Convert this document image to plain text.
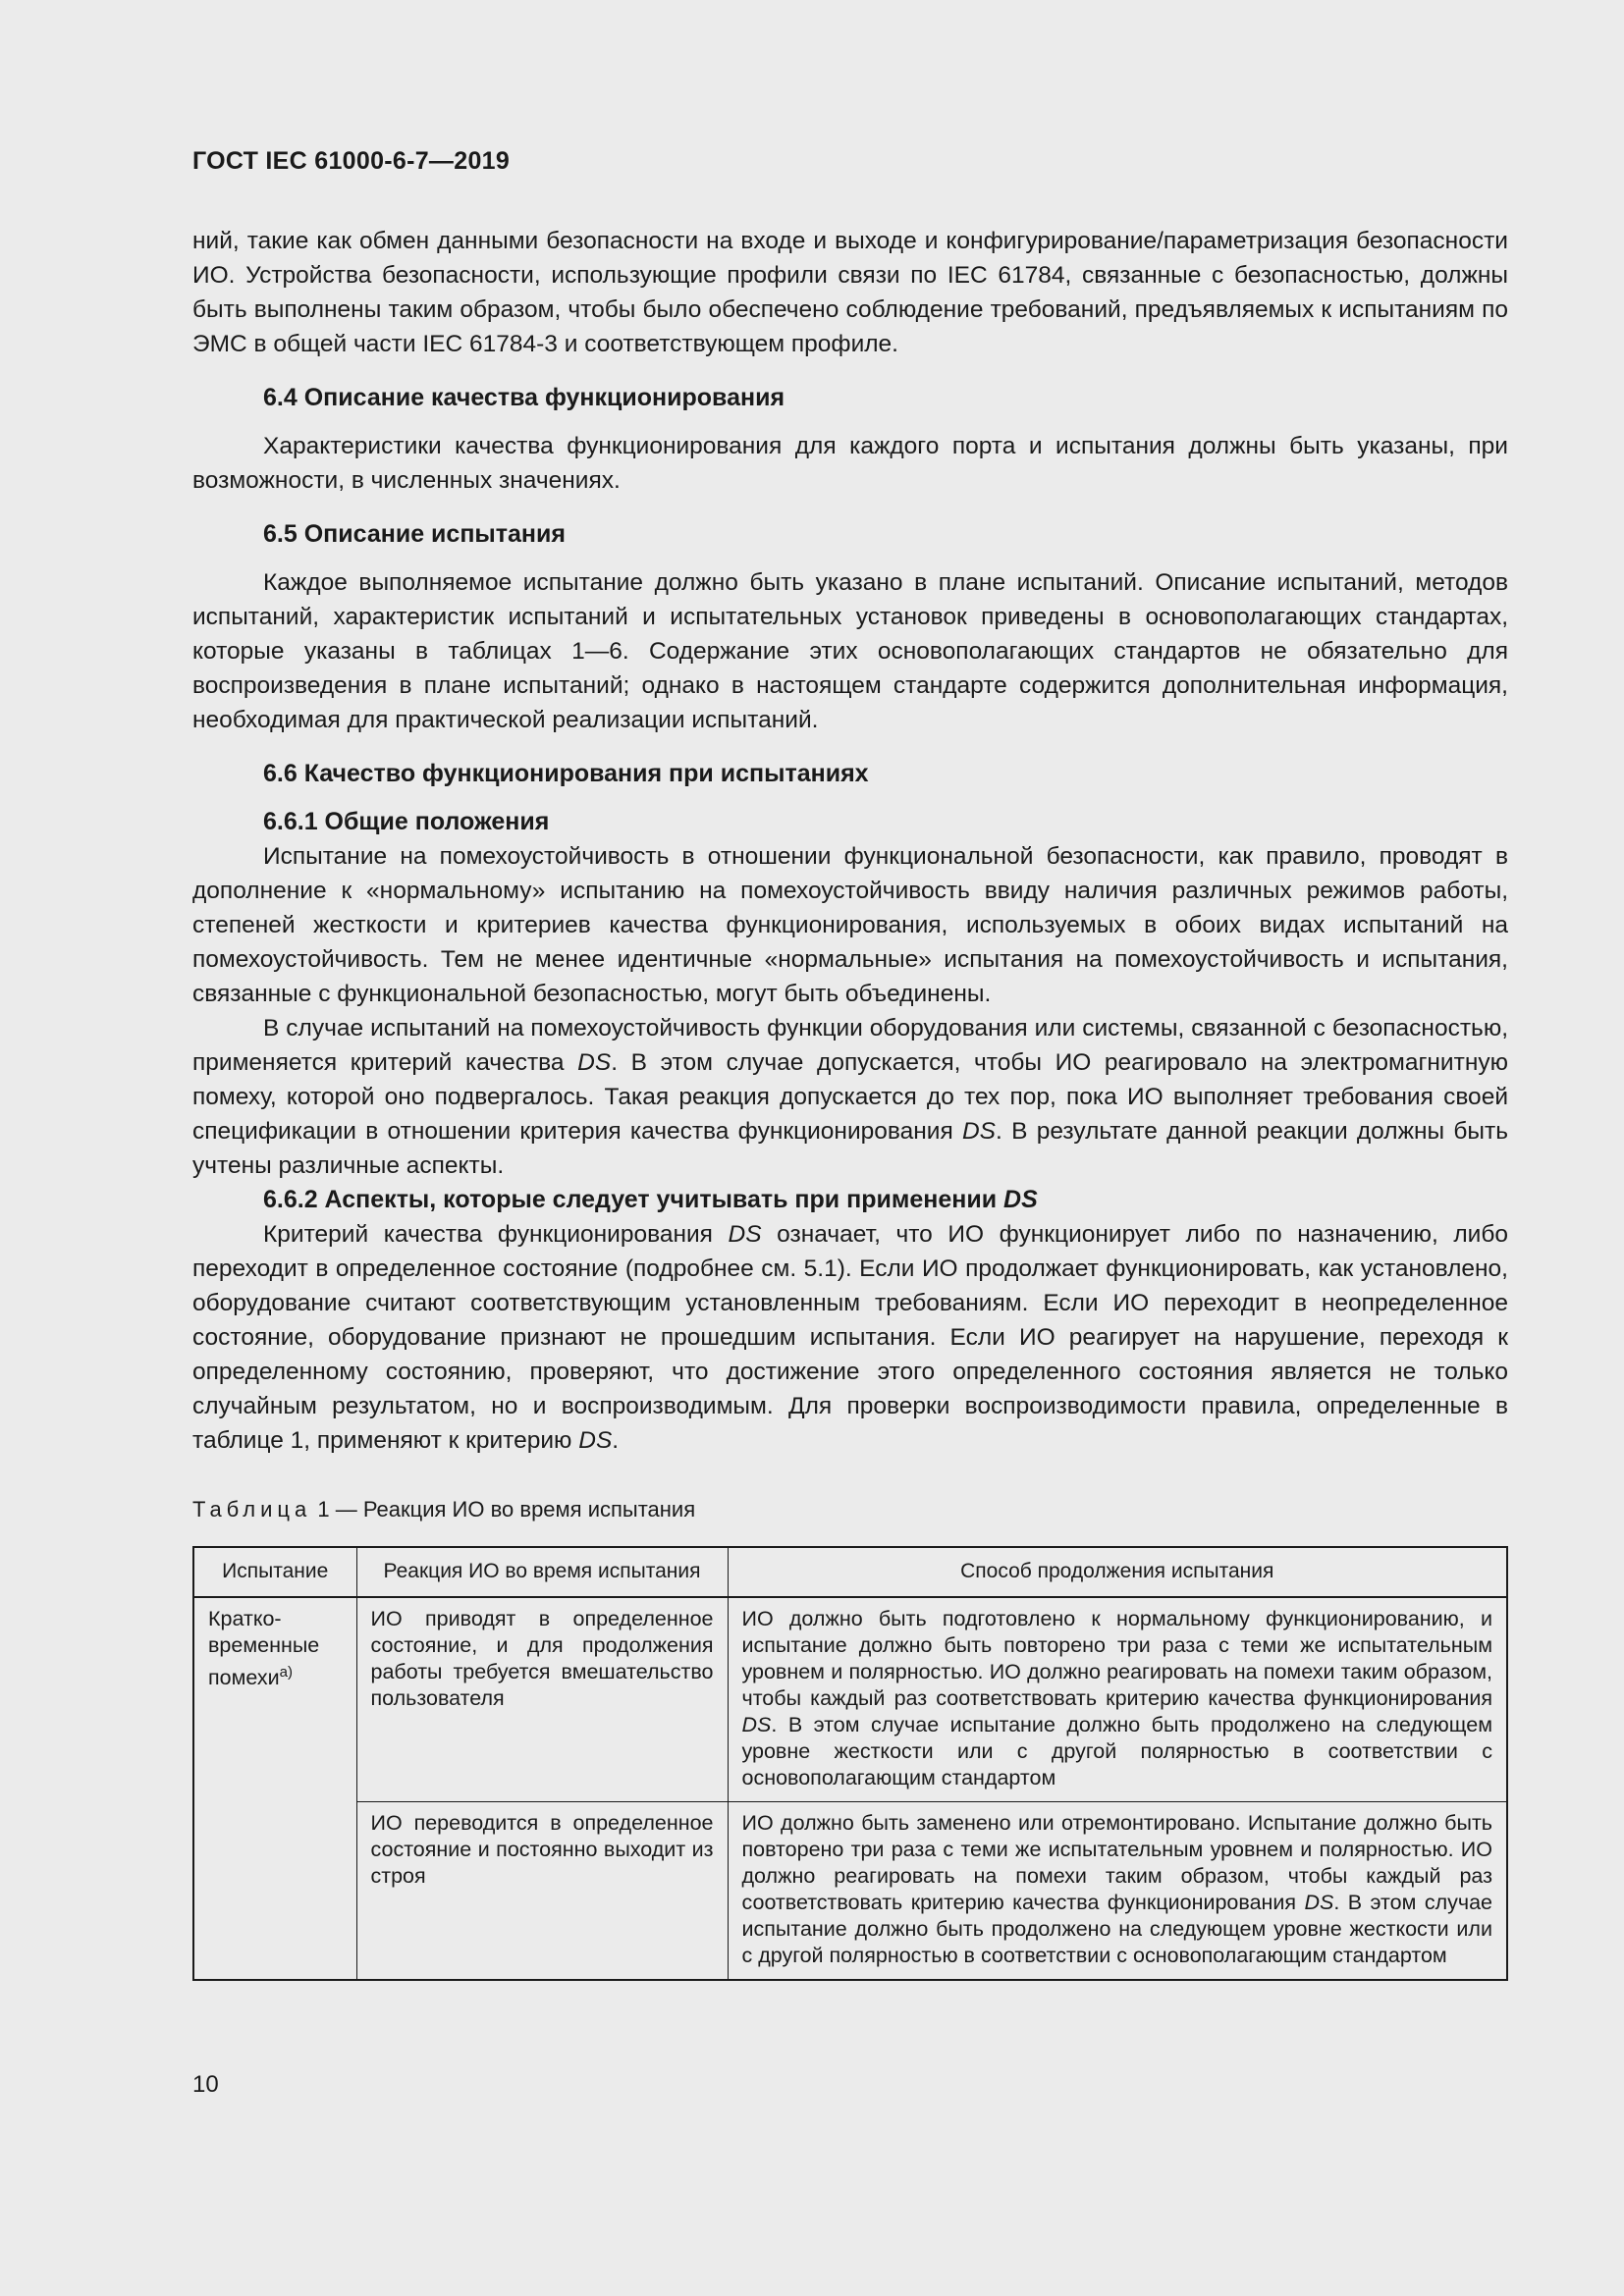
ГОСТ IEC 61000-6-7—2019

ний, такие как обмен данными безопасности на входе и выходе и конфигурирование/параметризация безопасности ИО. Устройства безопасности, использующие профили связи по IEC 61784, связанные с безопасностью, должны быть выполнены таким образом, чтобы было обеспечено соблюдение требований, предъявляемых к испытаниям по ЭМС в общей части IEC 61784-3 и соответствующем профиле.

6.4 Описание качества функционирования

Характеристики качества функционирования для каждого порта и испытания должны быть указаны, при возможности, в численных значениях.

6.5 Описание испытания

Каждое выполняемое испытание должно быть указано в плане испытаний. Описание испытаний, методов испытаний, характеристик испытаний и испытательных установок приведены в основополагающих стандартах, которые указаны в таблицах 1—6. Содержание этих основополагающих стандартов не обязательно для воспроизведения в плане испытаний; однако в настоящем стандарте содержится дополнительная информация, необходимая для практической реализации испытаний.

6.6 Качество функционирования при испытаниях
6.6.1 Общие положения

Испытание на помехоустойчивость в отношении функциональной безопасности, как правило, проводят в дополнение к «нормальному» испытанию на помехоустойчивость ввиду наличия различных режимов работы, степеней жесткости и критериев качества функционирования, используемых в обоих видах испытаний на помехоустойчивость. Тем не менее идентичные «нормальные» испытания на помехоустойчивость и испытания, связанные с функциональной безопасностью, могут быть объединены.

В случае испытаний на помехоустойчивость функции оборудования или системы, связанной с безопасностью, применяется критерий качества DS. В этом случае допускается, чтобы ИО реагировало на электромагнитную помеху, которой оно подвергалось. Такая реакция допускается до тех пор, пока ИО выполняет требования своей спецификации в отношении критерия качества функционирования DS. В результате данной реакции должны быть учтены различные аспекты.

6.6.2 Аспекты, которые следует учитывать при применении DS

Критерий качества функционирования DS означает, что ИО функционирует либо по назначению, либо переходит в определенное состояние (подробнее см. 5.1). Если ИО продолжает функционировать, как установлено, оборудование считают соответствующим установленным требованиям. Если ИО переходит в неопределенное состояние, оборудование признают не прошедшим испытания. Если ИО реагирует на нарушение, переходя к определенному состоянию, проверяют, что достижение этого определенного состояния является не только случайным результатом, но и воспроизводимым. Для проверки воспроизводимости правила, определенные в таблице 1, применяют к критерию DS.

Таблица 1 — Реакция ИО во время испытания
Испытание	Реакция ИО во время испытания	Способ продолжения испытания
Кратко-временные помехи$^{а)}$	ИО приводят в определенное состояние, и для продолжения работы требуется вмешательство пользователя	ИО должно быть подготовлено к нормальному функционированию, и испытание должно быть повторено три раза с теми же испытательным уровнем и полярностью. ИО должно реагировать на помехи таким образом, чтобы каждый раз соответствовать критерию качества функционирования DS. В этом случае испытание должно быть продолжено на следующем уровне жесткости или с другой полярностью в соответствии с основополагающим стандартом
	ИО переводится в определенное состояние и постоянно выходит из строя	ИО должно быть заменено или отремонтировано. Испытание должно быть повторено три раза с теми же испытательным уровнем и полярностью. ИО должно реагировать на помехи таким образом, чтобы каждый раз соответствовать критерию качества функционирования DS. В этом случае испытание должно быть продолжено на следующем уровне жесткости или с другой полярностью в соответствии с основополагающим стандартом
10
